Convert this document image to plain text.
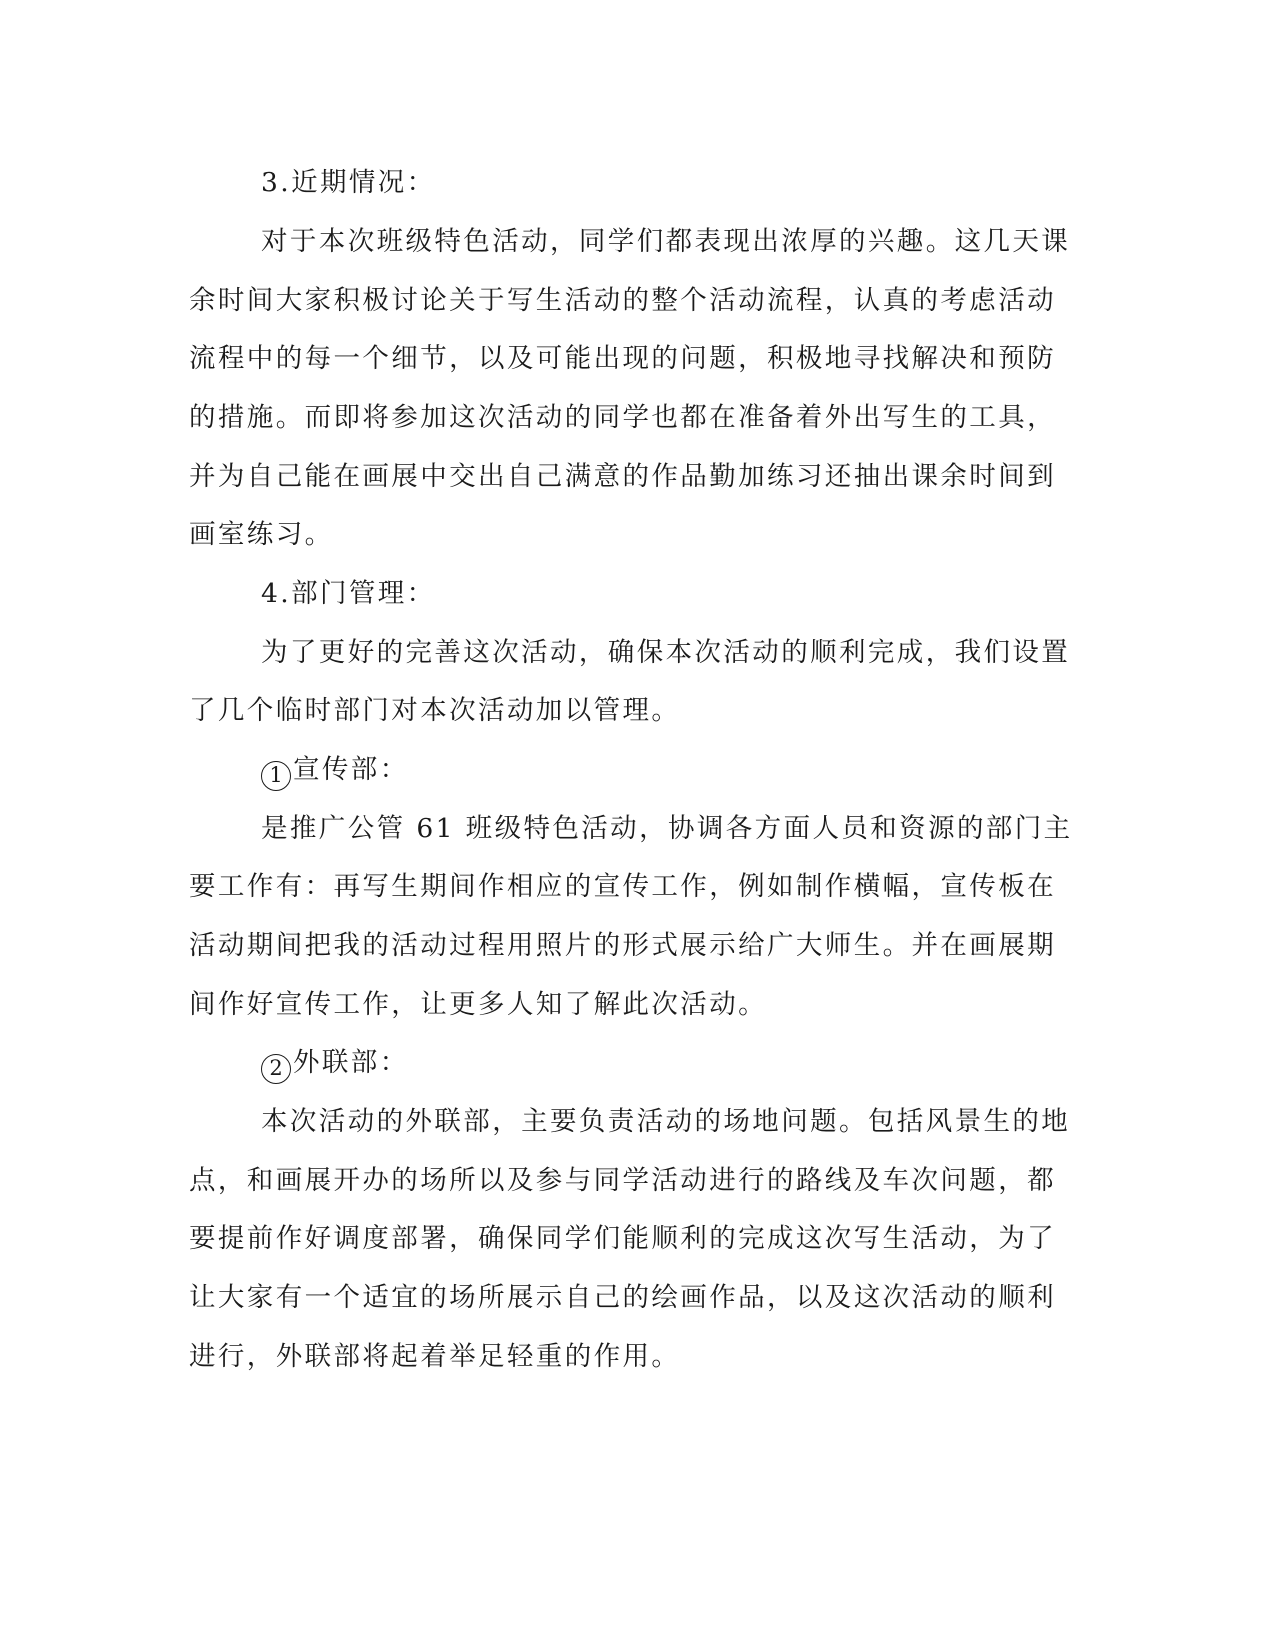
3.近期情况：
对于本次班级特色活动，同学们都表现出浓厚的兴趣。这几天课
余时间大家积极讨论关于写生活动的整个活动流程，认真的考虑活动
流程中的每一个细节，以及可能出现的问题，积极地寻找解决和预防
的措施。而即将参加这次活动的同学也都在准备着外出写生的工具，
并为自己能在画展中交出自己满意的作品勤加练习还抽出课余时间到
画室练习。
4.部门管理：
为了更好的完善这次活动，确保本次活动的顺利完成，我们设置
了几个临时部门对本次活动加以管理。
1 宣传部：
是推广公管 61 班级特色活动，协调各方面人员和资源的部门主
要工作有：再写生期间作相应的宣传工作，例如制作横幅，宣传板在
活动期间把我的活动过程用照片的形式展示给广大师生。并在画展期
间作好宣传工作，让更多人知了解此次活动。
2 外联部：
本次活动的外联部，主要负责活动的场地问题。包括风景生的地
点，和画展开办的场所以及参与同学活动进行的路线及车次问题，都
要提前作好调度部署，确保同学们能顺利的完成这次写生活动，为了
让大家有一个适宜的场所展示自己的绘画作品，以及这次活动的顺利
进行，外联部将起着举足轻重的作用。
